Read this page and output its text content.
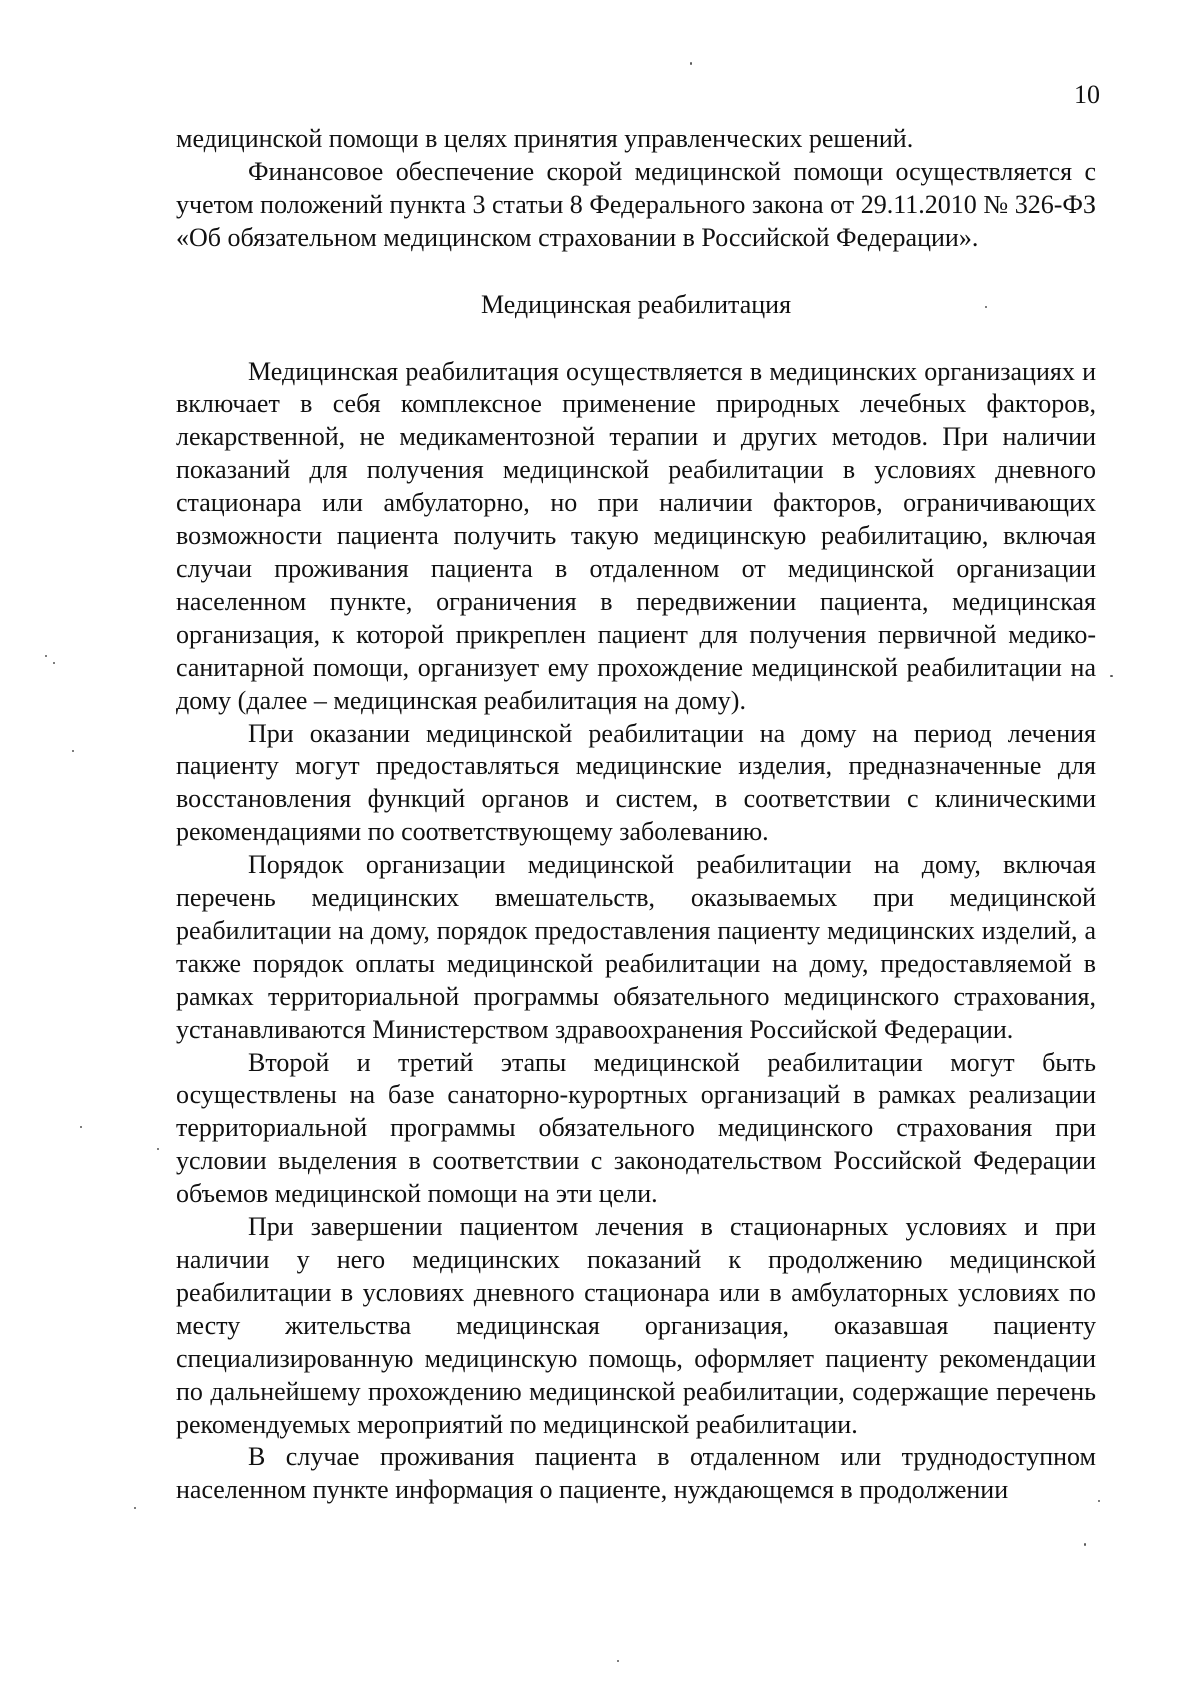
10

медицинской помощи в целях принятия управленческих решений.

Финансовое обеспечение скорой медицинской помощи осуществляется с учетом положений пункта 3 статьи 8 Федерального закона от 29.11.2010 № 326-ФЗ «Об обязательном медицинском страховании в Российской Федерации».

Медицинская реабилитация

Медицинская реабилитация осуществляется в медицинских организациях и включает в себя комплексное применение природных лечебных факторов, лекарственной, не медикаментозной терапии и других методов. При наличии показаний для получения медицинской реабилитации в условиях дневного стационара или амбулаторно, но при наличии факторов, ограничивающих возможности пациента получить такую медицинскую реабилитацию, включая случаи проживания пациента в отдаленном от медицинской организации населенном пункте, ограничения в передвижении пациента, медицинская организация, к которой прикреплен пациент для получения первичной медико-санитарной помощи, организует ему прохождение медицинской реабилитации на дому (далее – медицинская реабилитация на дому).

При оказании медицинской реабилитации на дому на период лечения пациенту могут предоставляться медицинские изделия, предназначенные для восстановления функций органов и систем, в соответствии с клиническими рекомендациями по соответствующему заболеванию.

Порядок организации медицинской реабилитации на дому, включая перечень медицинских вмешательств, оказываемых при медицинской реабилитации на дому, порядок предоставления пациенту медицинских изделий, а также порядок оплаты медицинской реабилитации на дому, предоставляемой в рамках территориальной программы обязательного медицинского страхования, устанавливаются Министерством здравоохранения Российской Федерации.

Второй и третий этапы медицинской реабилитации могут быть осуществлены на базе санаторно-курортных организаций в рамках реализации территориальной программы обязательного медицинского страхования при условии выделения в соответствии с законодательством Российской Федерации объемов медицинской помощи на эти цели.

При завершении пациентом лечения в стационарных условиях и при наличии у него медицинских показаний к продолжению медицинской реабилитации в условиях дневного стационара или в амбулаторных условиях по месту жительства медицинская организация, оказавшая пациенту специализированную медицинскую помощь, оформляет пациенту рекомендации по дальнейшему прохождению медицинской реабилитации, содержащие перечень рекомендуемых мероприятий по медицинской реабилитации.

В случае проживания пациента в отдаленном или труднодоступном населенном пункте информация о пациенте, нуждающемся в продолжении
